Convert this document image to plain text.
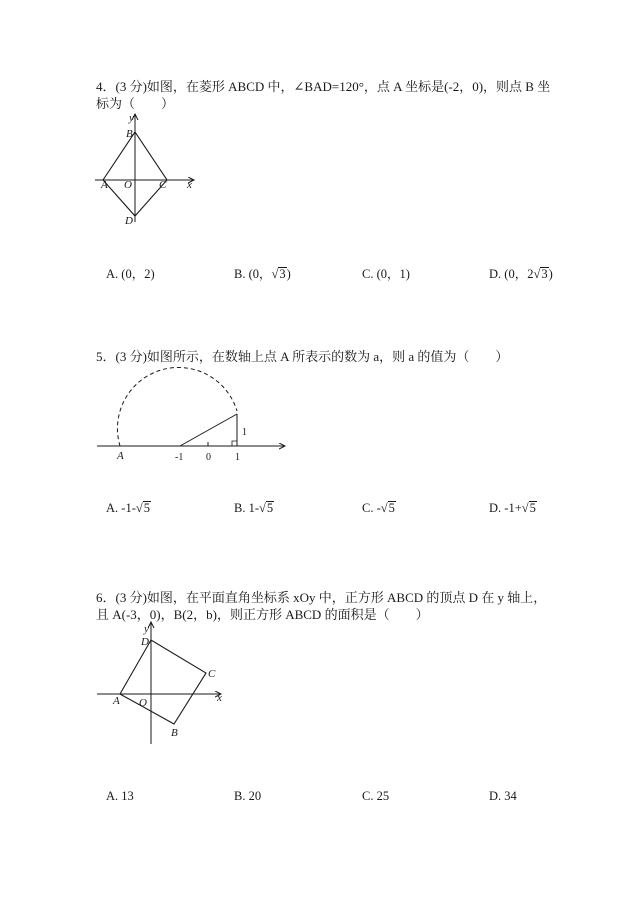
4．(3 分)如图，在菱形 ABCD 中，∠BAD=120°，点 A 坐标是(-2，0)，则点 B 坐
标为（　　）
y
x
B
A O C
D
A. (0，2)	B. (0，√3)	C. (0，1)	D. (0，2√3)
5．(3 分)如图所示，在数轴上点 A 所表示的数为 a，则 a 的值为（　　）
A	-1 0 1
1
A. -1-√5	B. 1-√5	C. -√5	D. -1+√5
6．(3 分)如图，在平面直角坐标系 xOy 中，正方形 ABCD 的顶点 D 在 y 轴上，
且 A(-3，0)，B(2，b)，则正方形 ABCD 的面积是（　　）
y
D
C
x
A O
B
A. 13	B. 20	C. 25	D. 34
